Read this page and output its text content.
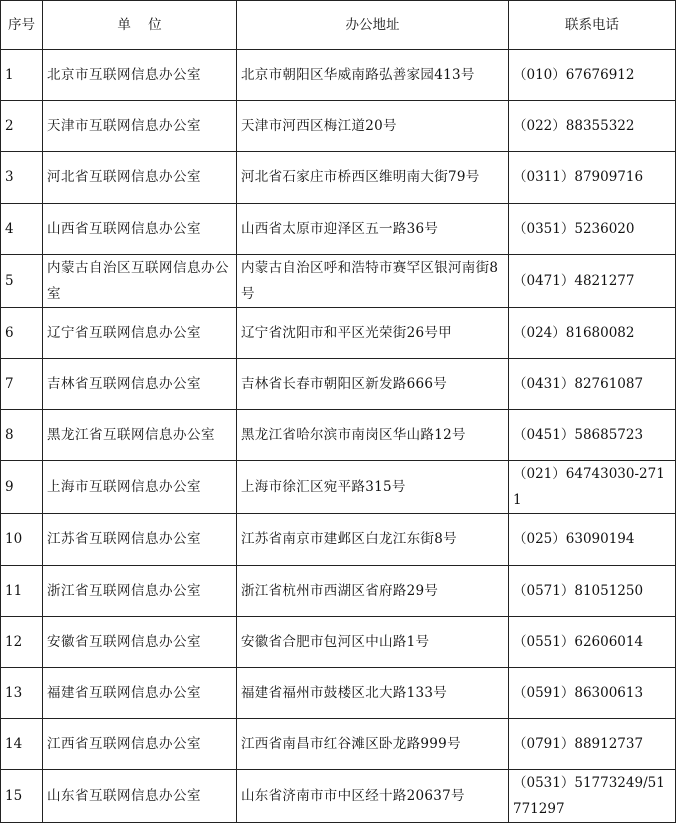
序号	单    位	办公地址	联系电话
1	北京市互联网信息办公室	北京市朝阳区华威南路弘善家园413号	（010）67676912
2	天津市互联网信息办公室	天津市河西区梅江道20号	（022）88355322
3	河北省互联网信息办公室	河北省石家庄市桥西区维明南大街79号	（0311）87909716
4	山西省互联网信息办公室	山西省太原市迎泽区五一路36号	（0351）5236020
5	内蒙古自治区互联网信息办公室	内蒙古自治区呼和浩特市赛罕区银河南街8号	（0471）4821277
6	辽宁省互联网信息办公室	辽宁省沈阳市和平区光荣街26号甲	（024）81680082
7	吉林省互联网信息办公室	吉林省长春市朝阳区新发路666号	（0431）82761087
8	黑龙江省互联网信息办公室	黑龙江省哈尔滨市南岗区华山路12号	（0451）58685723
9	上海市互联网信息办公室	上海市徐汇区宛平路315号	（021）64743030-2711
10	江苏省互联网信息办公室	江苏省南京市建邺区白龙江东街8号	（025）63090194
11	浙江省互联网信息办公室	浙江省杭州市西湖区省府路29号	（0571）81051250
12	安徽省互联网信息办公室	安徽省合肥市包河区中山路1号	（0551）62606014
13	福建省互联网信息办公室	福建省福州市鼓楼区北大路133号	（0591）86300613
14	江西省互联网信息办公室	江西省南昌市红谷滩区卧龙路999号	（0791）88912737
15	山东省互联网信息办公室	山东省济南市市中区经十路20637号	（0531）51773249/51771297
